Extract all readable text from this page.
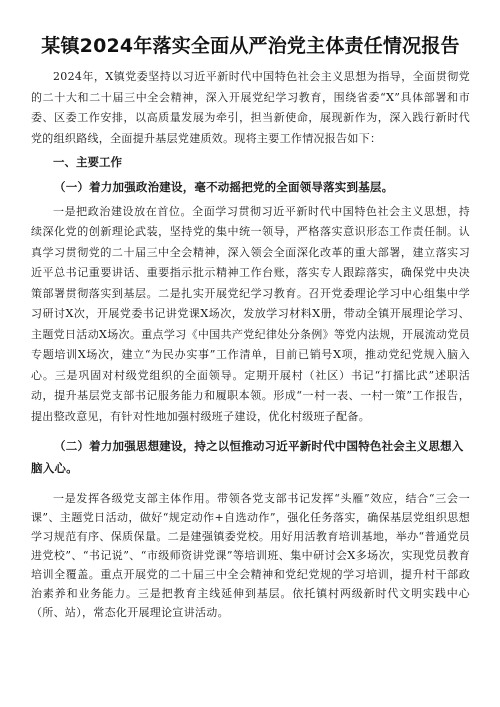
某镇2024年落实全面从严治党主体责任情况报告

2024年，X镇党委坚持以习近平新时代中国特色社会主义思想为指导，全面贯彻党的二十大和二十届三中全会精神，深入开展党纪学习教育，围绕省委“X”具体部署和市委、区委工作安排，以高质量发展为牵引，担当新使命，展现新作为，深入践行新时代党的组织路线，全面提升基层党建质效。现将主要工作情况报告如下：

一、主要工作
（一）着力加强政治建设，毫不动摇把党的全面领导落实到基层。

一是把政治建设放在首位。全面学习贯彻习近平新时代中国特色社会主义思想，持续深化党的创新理论武装，坚持党的集中统一领导，严格落实意识形态工作责任制。认真学习贯彻党的二十届三中全会精神，深入领会全面深化改革的重大部署，建立落实习近平总书记重要讲话、重要指示批示精神工作台账，落实专人跟踪落实，确保党中央决策部署贯彻落实到基层。二是扎实开展党纪学习教育。召开党委理论学习中心组集中学习研讨X次，开展党委书记讲党课X场次，发放学习材料X册，带动全镇开展理论学习、主题党日活动X场次。重点学习《中国共产党纪律处分条例》等党内法规，开展流动党员专题培训X场次，建立“为民办实事”工作清单，目前已销号X项，推动党纪党规入脑入心。三是巩固对村级党组织的全面领导。定期开展村（社区）书记“打擂比武”述职活动，提升基层党支部书记服务能力和履职本领。形成“一村一表、一村一策”工作报告，提出整改意见，有针对性地加强村级班子建设，优化村级班子配备。

（二）着力加强思想建设，持之以恒推动习近平新时代中国特色社会主义思想入脑入心。

一是发挥各级党支部主体作用。带领各党支部书记发挥“头雁”效应，结合“三会一课”、主题党日活动，做好“规定动作+自选动作”，强化任务落实，确保基层党组织思想学习规范有序、保质保量。二是建强镇委党校。用好用活教育培训基地，举办“普通党员进党校”、“书记说”、“市级师资讲党课”等培训班、集中研讨会X多场次，实现党员教育培训全覆盖。重点开展党的二十届三中全会精神和党纪党规的学习培训，提升村干部政治素养和业务能力。三是把教育主线延伸到基层。依托镇村两级新时代文明实践中心（所、站），常态化开展理论宣讲活动。
